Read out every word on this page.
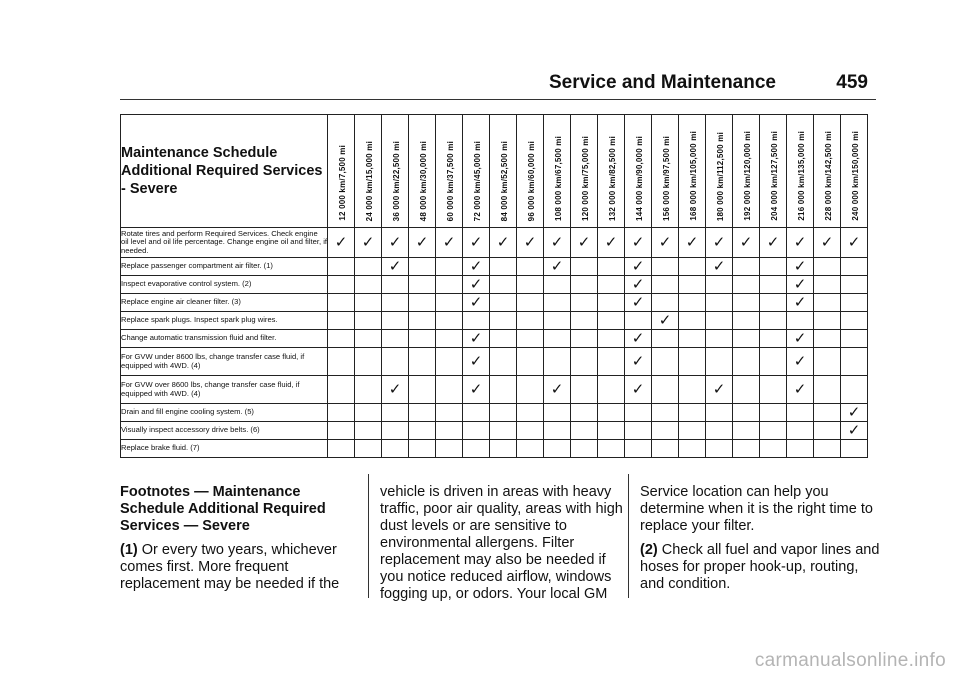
Service and Maintenance	459
Maintenance Schedule Additional Required Services - Severe	12 000 km/7,500 mi	24 000 km/15,000 mi	36 000 km/22,500 mi	48 000 km/30,000 mi	60 000 km/37,500 mi	72 000 km/45,000 mi	84 000 km/52,500 mi	96 000 km/60,000 mi	108 000 km/67,500 mi	120 000 km/75,000 mi	132 000 km/82,500 mi	144 000 km/90,000 mi	156 000 km/97,500 mi	168 000 km/105,000 mi	180 000 km/112,500 mi	192 000 km/120,000 mi	204 000 km/127,500 mi	216 000 km/135,000 mi	228 000 km/142,500 mi	240 000 km/150,000 mi

Rotate tires and perform Required Services. Check engine oil level and oil life percentage. Change engine oil and filter, if needed.	✓	✓	✓	✓	✓	✓	✓	✓	✓	✓	✓	✓	✓	✓	✓	✓	✓	✓	✓	✓
Replace passenger compartment air filter. (1)			✓			✓			✓			✓			✓			✓		
Inspect evaporative control system. (2)						✓						✓						✓		
Replace engine air cleaner filter. (3)						✓						✓						✓		
Replace spark plugs. Inspect spark plug wires.													✓							
Change automatic transmission fluid and filter.						✓						✓						✓		
For GVW under 8600 lbs, change transfer case fluid, if equipped with 4WD. (4)						✓						✓						✓		
For GVW over 8600 lbs, change transfer case fluid, if equipped with 4WD. (4)			✓			✓			✓			✓			✓			✓		
Drain and fill engine cooling system. (5)																				✓
Visually inspect accessory drive belts. (6)																				✓
Replace brake fluid. (7)																				
Footnotes — Maintenance Schedule Additional Required Services — Severe
(1) Or every two years, whichever comes first. More frequent replacement may be needed if the
vehicle is driven in areas with heavy traffic, poor air quality, areas with high dust levels or are sensitive to environmental allergens. Filter replacement may also be needed if you notice reduced airflow, windows fogging up, or odors. Your local GM
Service location can help you determine when it is the right time to replace your filter.
(2) Check all fuel and vapor lines and hoses for proper hook-up, routing, and condition.
carmanualsonline.info
